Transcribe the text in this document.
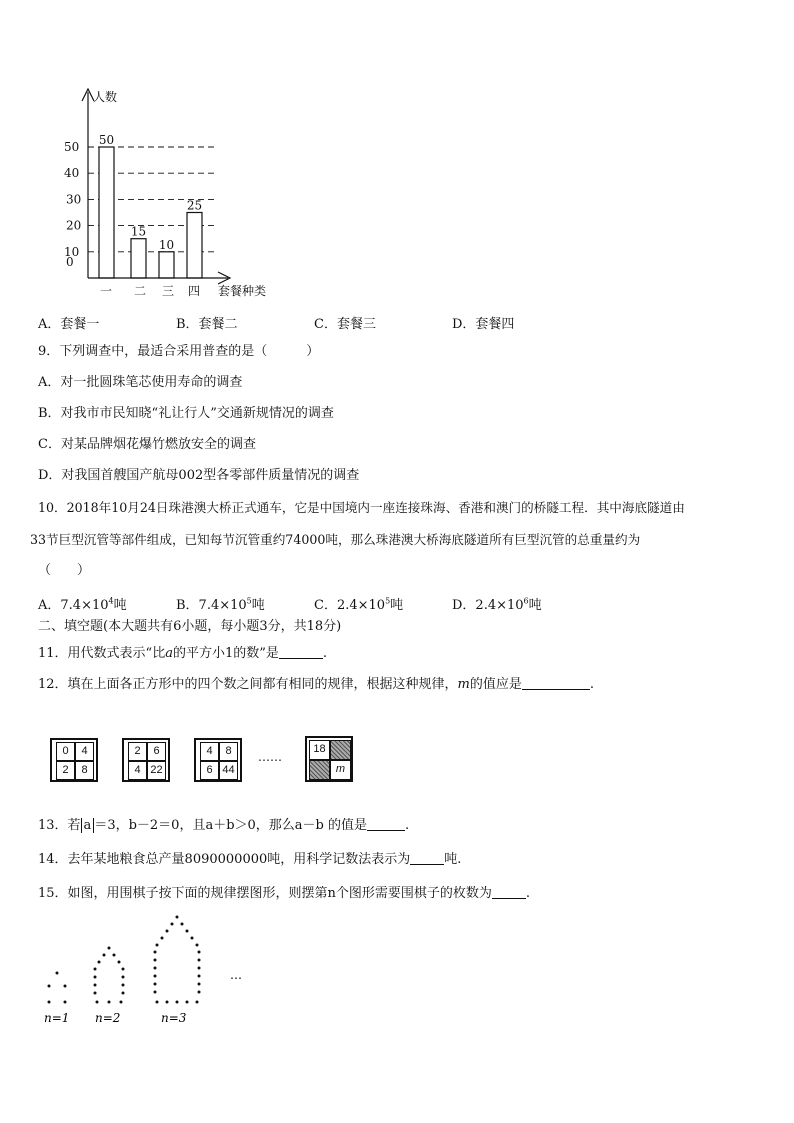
0
10
20
30
40
50 50
一
15
二
10
三
25
四
人数
套餐种类
A．套餐一	B．套餐二	C．套餐三	D．套餐四
9．下列调查中，最适合采用普查的是（　　　）
A．对一批圆珠笔芯使用寿命的调查
B．对我市市民知晓“礼让行人”交通新规情况的调查
C．对某品牌烟花爆竹燃放安全的调查
D．对我国首艘国产航母002型各零部件质量情况的调查
10．2018年10月24日珠港澳大桥正式通车，它是中国境内一座连接珠海、香港和澳门的桥隧工程．其中海底隧道由
33节巨型沉管等部件组成，已知每节沉管重约74000吨，那么珠港澳大桥海底隧道所有巨型沉管的总重量约为
（　　）
A．$7.4\times 10^4$吨	B．$7.4\times 10^5$吨	C．$2.4\times 10^5$吨	D．$2.4\times 10^6$吨
二、填空题(本大题共有6小题，每小题3分，共18分)
11．用代数式表示“比a的平方小1的数”是	.
12．填在上面各正方形中的四个数之间都有相同的规律，根据这种规律，m的值应是	.
0	4
2	8
2	6
4 22
4	8
6 44
……
18
m
13．若 a ＝3，b－2＝0，且a＋b＞0，那么a－b 的值是	.
14．去年某地粮食总产量8090000000吨，用科学记数法表示为	吨.
15．如图，用围棋子按下面的规律摆图形，则摆第n个图形需要围棋子的枚数为	.
…
n=1 n=2	n=3
